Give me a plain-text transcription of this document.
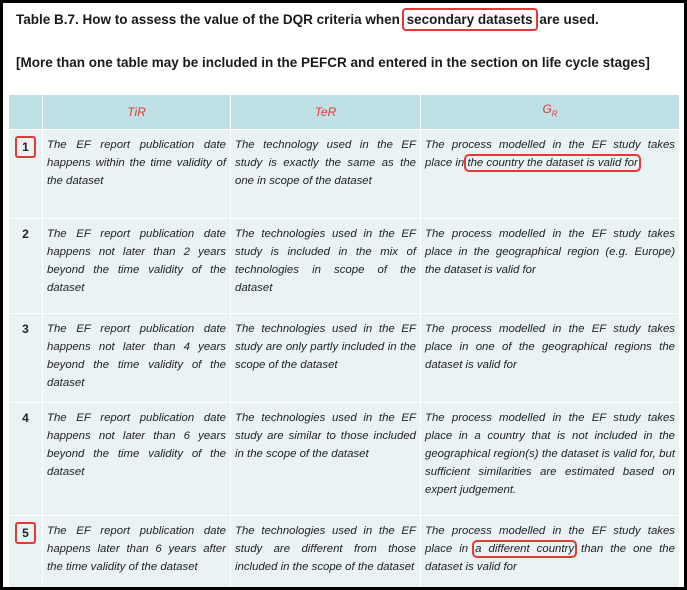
Table B.7. How to assess the value of the DQR criteria when secondary datasets are used.
[More than one table may be included in the PEFCR and entered in the section on life cycle stages]
	TiR	TeR	$G_R$
1	The EF report publication date happens within the time validity of the dataset	The technology used in the EF study is exactly the same as the one in scope of the dataset	The process modelled in the EF study takes place in the country the dataset is valid for
2	The EF report publication date happens not later than 2 years beyond the time validity of the dataset	The technologies used in the EF study is included in the mix of technologies in scope of the dataset	The process modelled in the EF study takes place in the geographical region (e.g. Europe) the dataset is valid for
3	The EF report publication date happens not later than 4 years beyond the time validity of the dataset	The technologies used in the EF study are only partly included in the scope of the dataset	The process modelled in the EF study takes place in one of the geographical regions the dataset is valid for
4	The EF report publication date happens not later than 6 years beyond the time validity of the dataset	The technologies used in the EF study are similar to those included in the scope of the dataset	The process modelled in the EF study takes place in a country that is not included in the geographical region(s) the dataset is valid for, but sufficient similarities are estimated based on expert judgement.
5	The EF report publication date happens later than 6 years after the time validity of the dataset	The technologies used in the EF study are different from those included in the scope of the dataset	The process modelled in the EF study takes place in a different country than the one the dataset is valid for
